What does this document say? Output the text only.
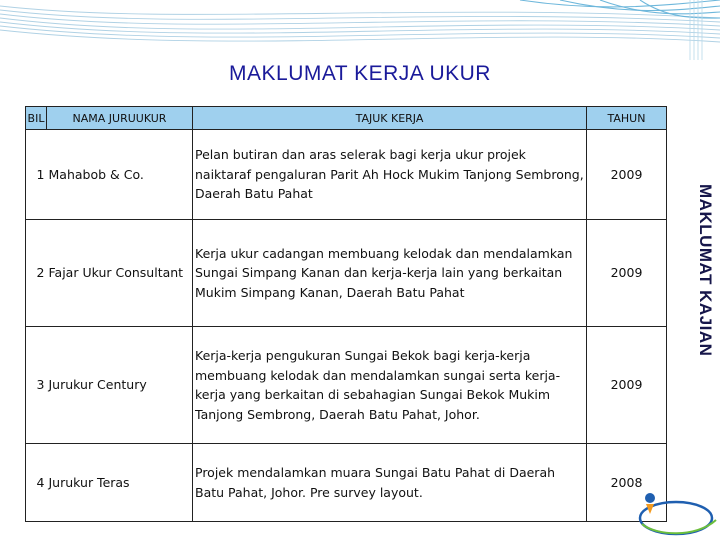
MAKLUMAT KERJA UKUR
MAKLUMAT KAJIAN
BIL	NAMA JURUUKUR	TAJUK KERJA	TAHUN
1	Mahabob & Co.	Pelan butiran dan aras selerak bagi kerja ukur projek naiktaraf pengaluran Parit Ah Hock Mukim Tanjong Sembrong, Daerah Batu Pahat	2009
2	Fajar Ukur Consultant	Kerja ukur cadangan membuang kelodak dan mendalamkan Sungai Simpang Kanan dan kerja-kerja lain yang berkaitan Mukim Simpang Kanan, Daerah Batu Pahat	2009
3	Jurukur Century	Kerja-kerja pengukuran Sungai Bekok bagi kerja-kerja membuang kelodak dan mendalamkan sungai serta kerja-kerja yang berkaitan di sebahagian Sungai Bekok Mukim Tanjong Sembrong, Daerah Batu Pahat, Johor.	2009
4	Jurukur Teras	Projek mendalamkan muara Sungai Batu Pahat di Daerah Batu Pahat, Johor. Pre survey layout.	2008
